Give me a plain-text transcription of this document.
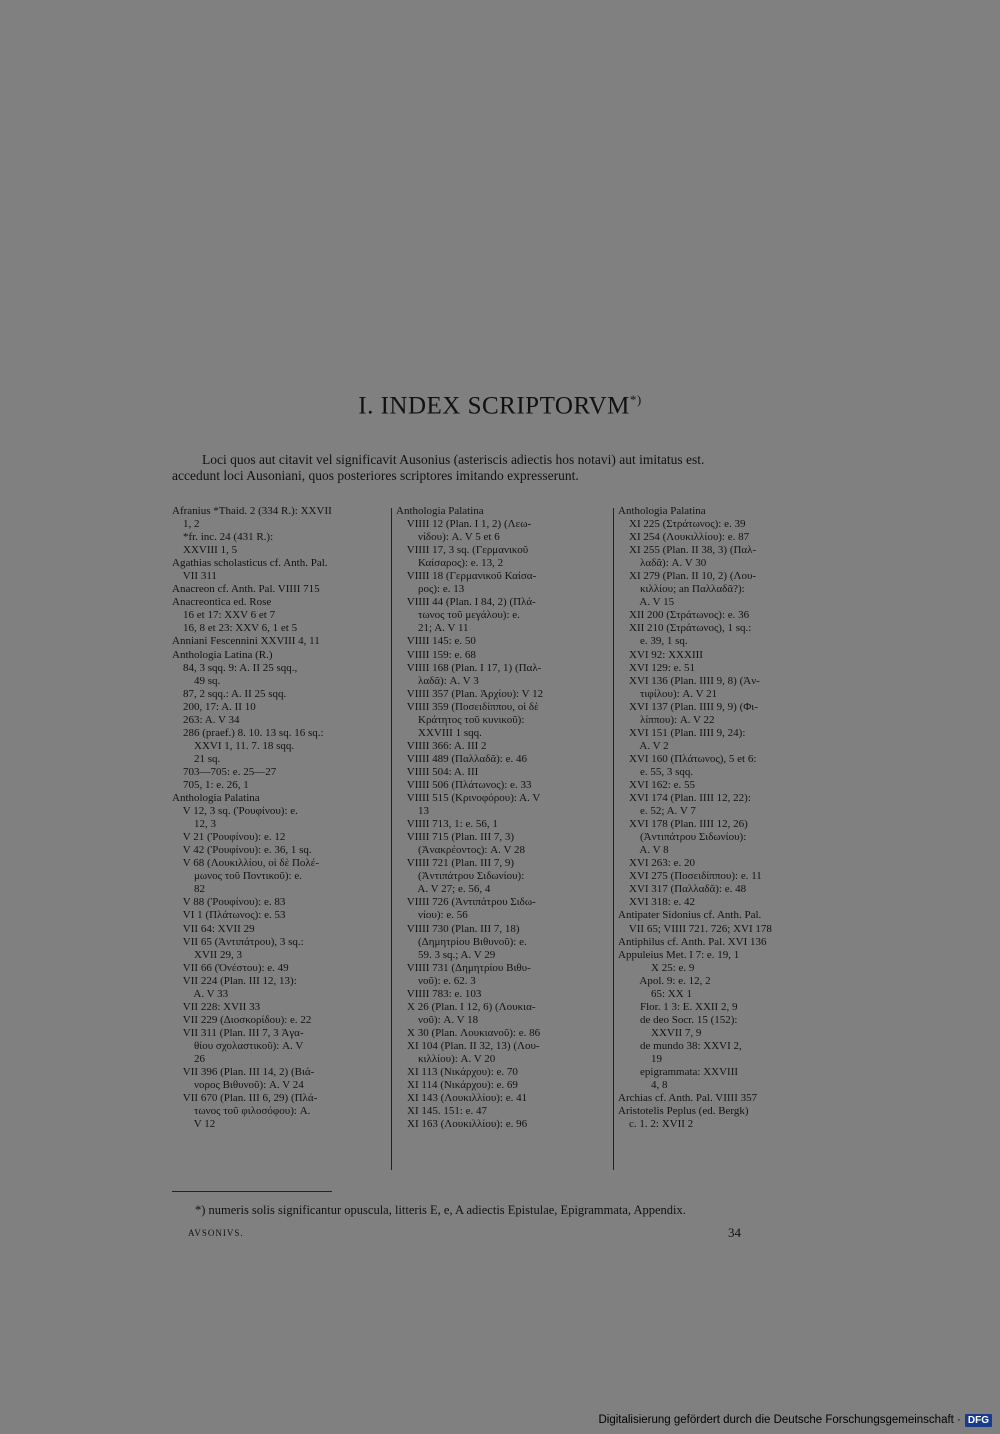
I. INDEX SCRIPTORVM*)

Loci quos aut citavit vel significavit Ausonius (asteriscis adiectis hos notavi) aut imitatus est.

accedunt loci Ausoniani, quos posteriores scriptores imitando expresserunt.
Afranius *Thaid. 2 (334 R.): XXVII
1, 2
*fr. inc. 24 (431 R.):
XXVIII 1, 5
Agathias scholasticus cf. Anth. Pal.
VII 311
Anacreon cf. Anth. Pal. VIIII 715
Anacreontica ed. Rose
16 et 17: XXV 6 et 7
16, 8 et 23: XXV 6, 1 et 5
Anniani Fescennini XXVIII 4, 11
Anthologia Latina (R.)
84, 3 sqq. 9: A. II 25 sqq.,
49 sq.
87, 2 sqq.: A. II 25 sqq.
200, 17: A. II 10
263: A. V 34
286 (praef.) 8. 10. 13 sq. 16 sq.:
XXVI 1, 11. 7. 18 sqq.
21 sq.
703—705: e. 25—27
705, 1: e. 26, 1
Anthologia Palatina
V 12, 3 sq. (Ῥουφίνου): e.
12, 3
V 21 (Ῥουφίνου): e. 12
V 42 (Ῥουφίνου): e. 36, 1 sq.
V 68 (Λουκιλλίου, οἱ δὲ Πολέ-
μωνος τοῦ Ποντικοῦ): e.
82
V 88 (Ῥουφίνου): e. 83
VI 1 (Πλάτωνος): e. 53
VII 64: XVII 29
VII 65 (Ἀντιπάτρου), 3 sq.:
XVII 29, 3
VII 66 (Ὀνέστου): e. 49
VII 224 (Plan. III 12, 13):
A. V 33
VII 228: XVII 33
VII 229 (Διοσκορίδου): e. 22
VII 311 (Plan. III 7, 3 Ἀγα-
θίου σχολαστικοῦ): A. V
26
VII 396 (Plan. III 14, 2) (Βιά-
νορος Βιθυνοῦ): A. V 24
VII 670 (Plan. III 6, 29) (Πλά-
τωνος τοῦ φιλοσόφου): A.
V 12
Anthologia Palatina
VIIII 12 (Plan. I 1, 2) (Λεω-
νίδου): A. V 5 et 6
VIIII 17, 3 sq. (Γερμανικοῦ
Καίσαρος): e. 13, 2
VIIII 18 (Γερμανικοῦ Καίσα-
ρος): e. 13
VIIII 44 (Plan. I 84, 2) (Πλά-
τωνος τοῦ μεγάλου): e.
21; A. V 11
VIIII 145: e. 50
VIIII 159: e. 68
VIIII 168 (Plan. I 17, 1) (Παλ-
λαδᾶ): A. V 3
VIIII 357 (Plan. Ἀρχίου): V 12
VIIII 359 (Ποσειδίππου, οἱ δὲ
Κράτητος τοῦ κυνικοῦ):
XXVIII 1 sqq.
VIIII 366: A. III 2
VIIII 489 (Παλλαδᾶ): e. 46
VIIII 504: A. III
VIIII 506 (Πλάτωνος): e. 33
VIIII 515 (Κρινοφόρου): A. V
13
VIIII 713, 1: e. 56, 1
VIIII 715 (Plan. III 7, 3)
(Ἀνακρέοντος): A. V 28
VIIII 721 (Plan. III 7, 9)
(Ἀντιπάτρου Σιδωνίου):
A. V 27; e. 56, 4
VIIII 726 (Ἀντιπάτρου Σιδω-
νίου): e. 56
VIIII 730 (Plan. III 7, 18)
(Δημητρίου Βιθυνοῦ): e.
59. 3 sq.; A. V 29
VIIII 731 (Δημητρίου Βιθυ-
νοῦ): e. 62. 3
VIIII 783: e. 103
X 26 (Plan. I 12, 6) (Λουκια-
νοῦ): A. V 18
X 30 (Plan. Λουκιανοῦ): e. 86
XI 104 (Plan. II 32, 13) (Λου-
κιλλίου): A. V 20
XI 113 (Νικάρχου): e. 70
XI 114 (Νικάρχου): e. 69
XI 143 (Λουκιλλίου): e. 41
XI 145. 151: e. 47
XI 163 (Λουκιλλίου): e. 96
Anthologia Palatina
XI 225 (Στράτωνος): e. 39
XI 254 (Λουκιλλίου): e. 87
XI 255 (Plan. II 38, 3) (Παλ-
λαδᾶ): A. V 30
XI 279 (Plan. II 10, 2) (Λου-
κιλλίου; an Παλλαδᾶ?):
A. V 15
XII 200 (Στράτωνος): e. 36
XII 210 (Στράτωνος), 1 sq.:
e. 39, 1 sq.
XVI 92: XXXIII
XVI 129: e. 51
XVI 136 (Plan. IIII 9, 8) (Ἀν-
τιφίλου): A. V 21
XVI 137 (Plan. IIII 9, 9) (Φι-
λίππου): A. V 22
XVI 151 (Plan. IIII 9, 24):
A. V 2
XVI 160 (Πλάτωνος), 5 et 6:
e. 55, 3 sqq.
XVI 162: e. 55
XVI 174 (Plan. IIII 12, 22):
e. 52; A. V 7
XVI 178 (Plan. IIII 12, 26)
(Ἀντιπάτρου Σιδωνίου):
A. V 8
XVI 263: e. 20
XVI 275 (Ποσειδίππου): e. 11
XVI 317 (Παλλαδᾶ): e. 48
XVI 318: e. 42
Antipater Sidonius cf. Anth. Pal.
VII 65; VIIII 721. 726; XVI 178
Antiphilus cf. Anth. Pal. XVI 136
Appuleius Met. I 7: e. 19, 1
X 25: e. 9
Apol. 9: e. 12, 2
65: XX 1
Flor. 1 3: E. XXII 2, 9
de deo Socr. 15 (152):
XXVII 7, 9
de mundo 38: XXVI 2,
19
epigrammata: XXVIII
4, 8
Archias cf. Anth. Pal. VIIII 357
Aristotelis Peplus (ed. Bergk)
c. 1. 2: XVII 2
*) numeris solis significantur opuscula, litteris E, e, A adiectis Epistulae, Epigrammata, Appendix.
AVSONIVS.	34
Digitalisierung gefördert durch die Deutsche Forschungsgemeinschaft · DFG
